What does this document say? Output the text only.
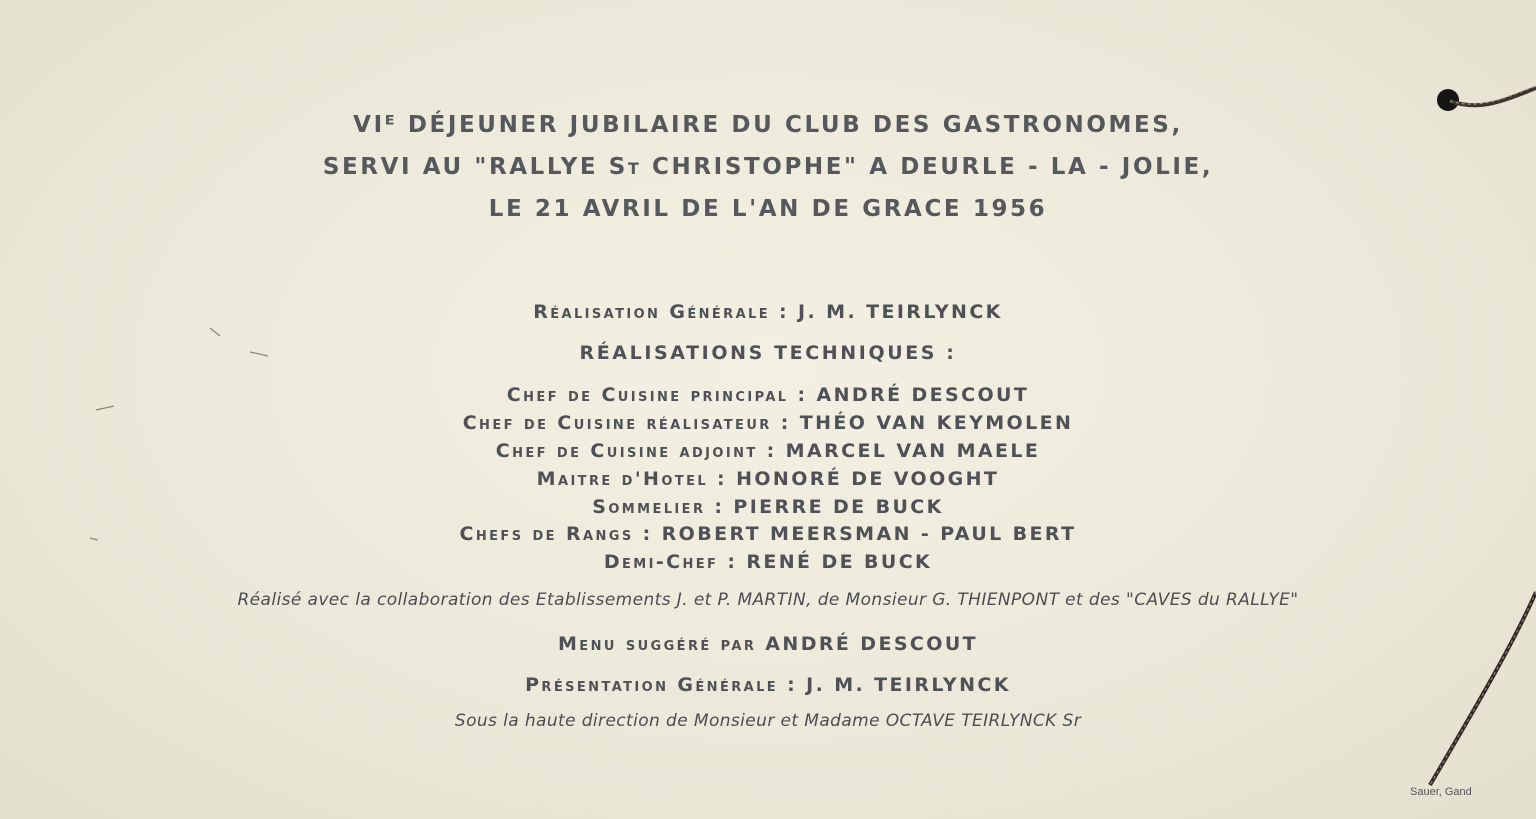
VIᴱ DÉJEUNER JUBILAIRE DU CLUB DES GASTRONOMES,
SERVI AU "RALLYE St CHRISTOPHE" A DEURLE - LA - JOLIE,
LE 21 AVRIL DE L'AN DE GRACE 1956
Réalisation Générale : J. M. TEIRLYNCK
RÉALISATIONS TECHNIQUES :
Chef de Cuisine principal : ANDRÉ DESCOUT
Chef de Cuisine réalisateur : THÉO VAN KEYMOLEN
Chef de Cuisine adjoint : MARCEL VAN MAELE
Maitre d'Hotel : HONORÉ DE VOOGHT
Sommelier : PIERRE DE BUCK
Chefs de Rangs : ROBERT MEERSMAN - PAUL BERT
Demi-Chef : RENÉ DE BUCK
Réalisé avec la collaboration des Etablissements J. et P. MARTIN, de Monsieur G. THIENPONT et des "CAVES du RALLYE"
Menu suggéré par ANDRÉ DESCOUT
Présentation Générale : J. M. TEIRLYNCK
Sous la haute direction de Monsieur et Madame OCTAVE TEIRLYNCK Sr
Sauer, Gand
